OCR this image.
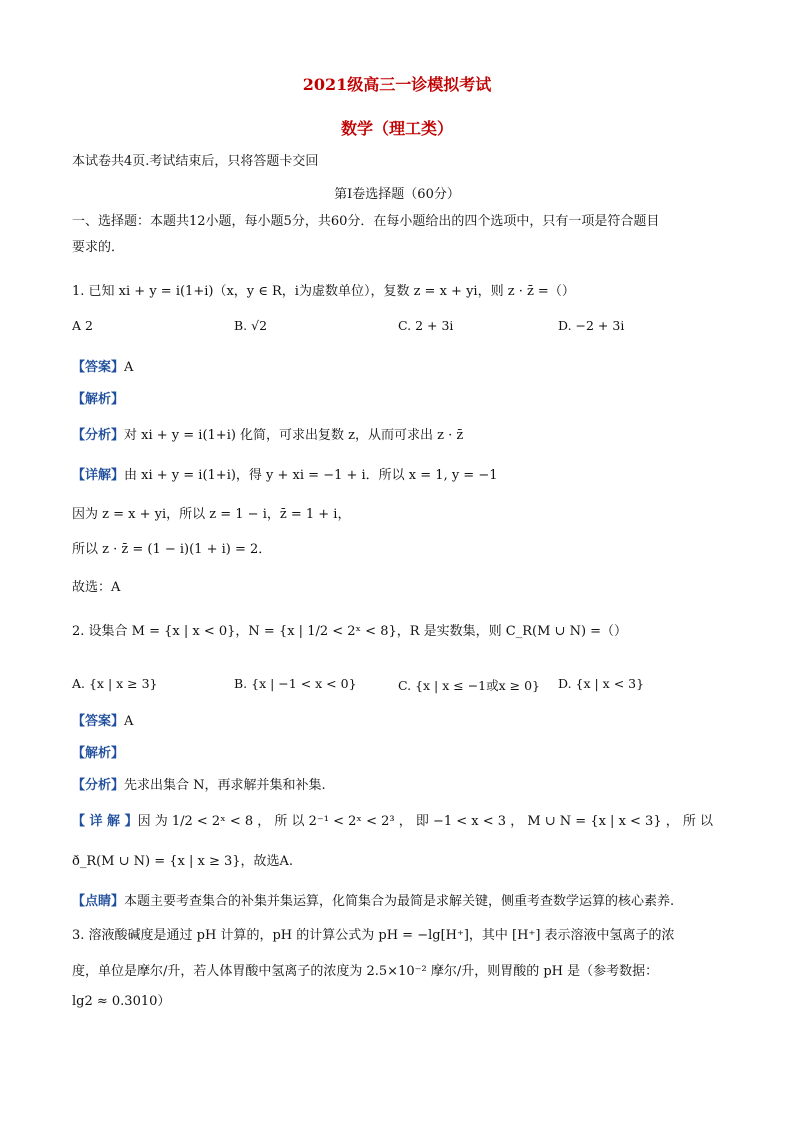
2021级高三一诊模拟考试
数学（理工类）
本试卷共4页.考试结束后，只将答题卡交回
第Ⅰ卷选择题（60分）
一、选择题：本题共12小题，每小题5分，共60分．在每小题给出的四个选项中，只有一项是符合题目
要求的．
1. 已知 xi + y = i(1+i)（x，y ∈ R，i为虚数单位），复数 z = x + yi，则 z · z̄ =（）
A 2	B. √2	C. 2 + 3i	D. −2 + 3i
【答案】A
【解析】
【分析】对 xi + y = i(1+i) 化简，可求出复数 z，从而可求出 z · z̄
【详解】由 xi + y = i(1+i)，得 y + xi = −1 + i．所以 x = 1, y = −1
因为 z = x + yi，所以 z = 1 − i，z̄ = 1 + i，
所以 z · z̄ = (1 − i)(1 + i) = 2．
故选：A
2. 设集合 M = {x | x < 0}，N = {x | 1/2 < 2ˣ < 8}，R 是实数集，则 C_R(M ∪ N) =（）
A. {x | x ≥ 3}	B. {x | −1 < x < 0}	C. {x | x ≤ −1或x ≥ 0} D. {x | x < 3}
【答案】A
【解析】
【分析】先求出集合 N，再求解并集和补集.
【 详 解 】因 为 1/2 < 2ˣ < 8 ， 所 以 2⁻¹ < 2ˣ < 2³ ， 即 −1 < x < 3 ， M ∪ N = {x | x < 3} ， 所 以
ð_R(M ∪ N) = {x | x ≥ 3}，故选A.
【点睛】本题主要考查集合的补集并集运算，化简集合为最简是求解关键，侧重考查数学运算的核心素养.
3. 溶液酸碱度是通过 pH 计算的，pH 的计算公式为 pH = −lg[H⁺]，其中 [H⁺] 表示溶液中氢离子的浓
度，单位是摩尔/升，若人体胃酸中氢离子的浓度为 2.5×10⁻² 摩尔/升，则胃酸的 pH 是（参考数据：
lg2 ≈ 0.3010）
